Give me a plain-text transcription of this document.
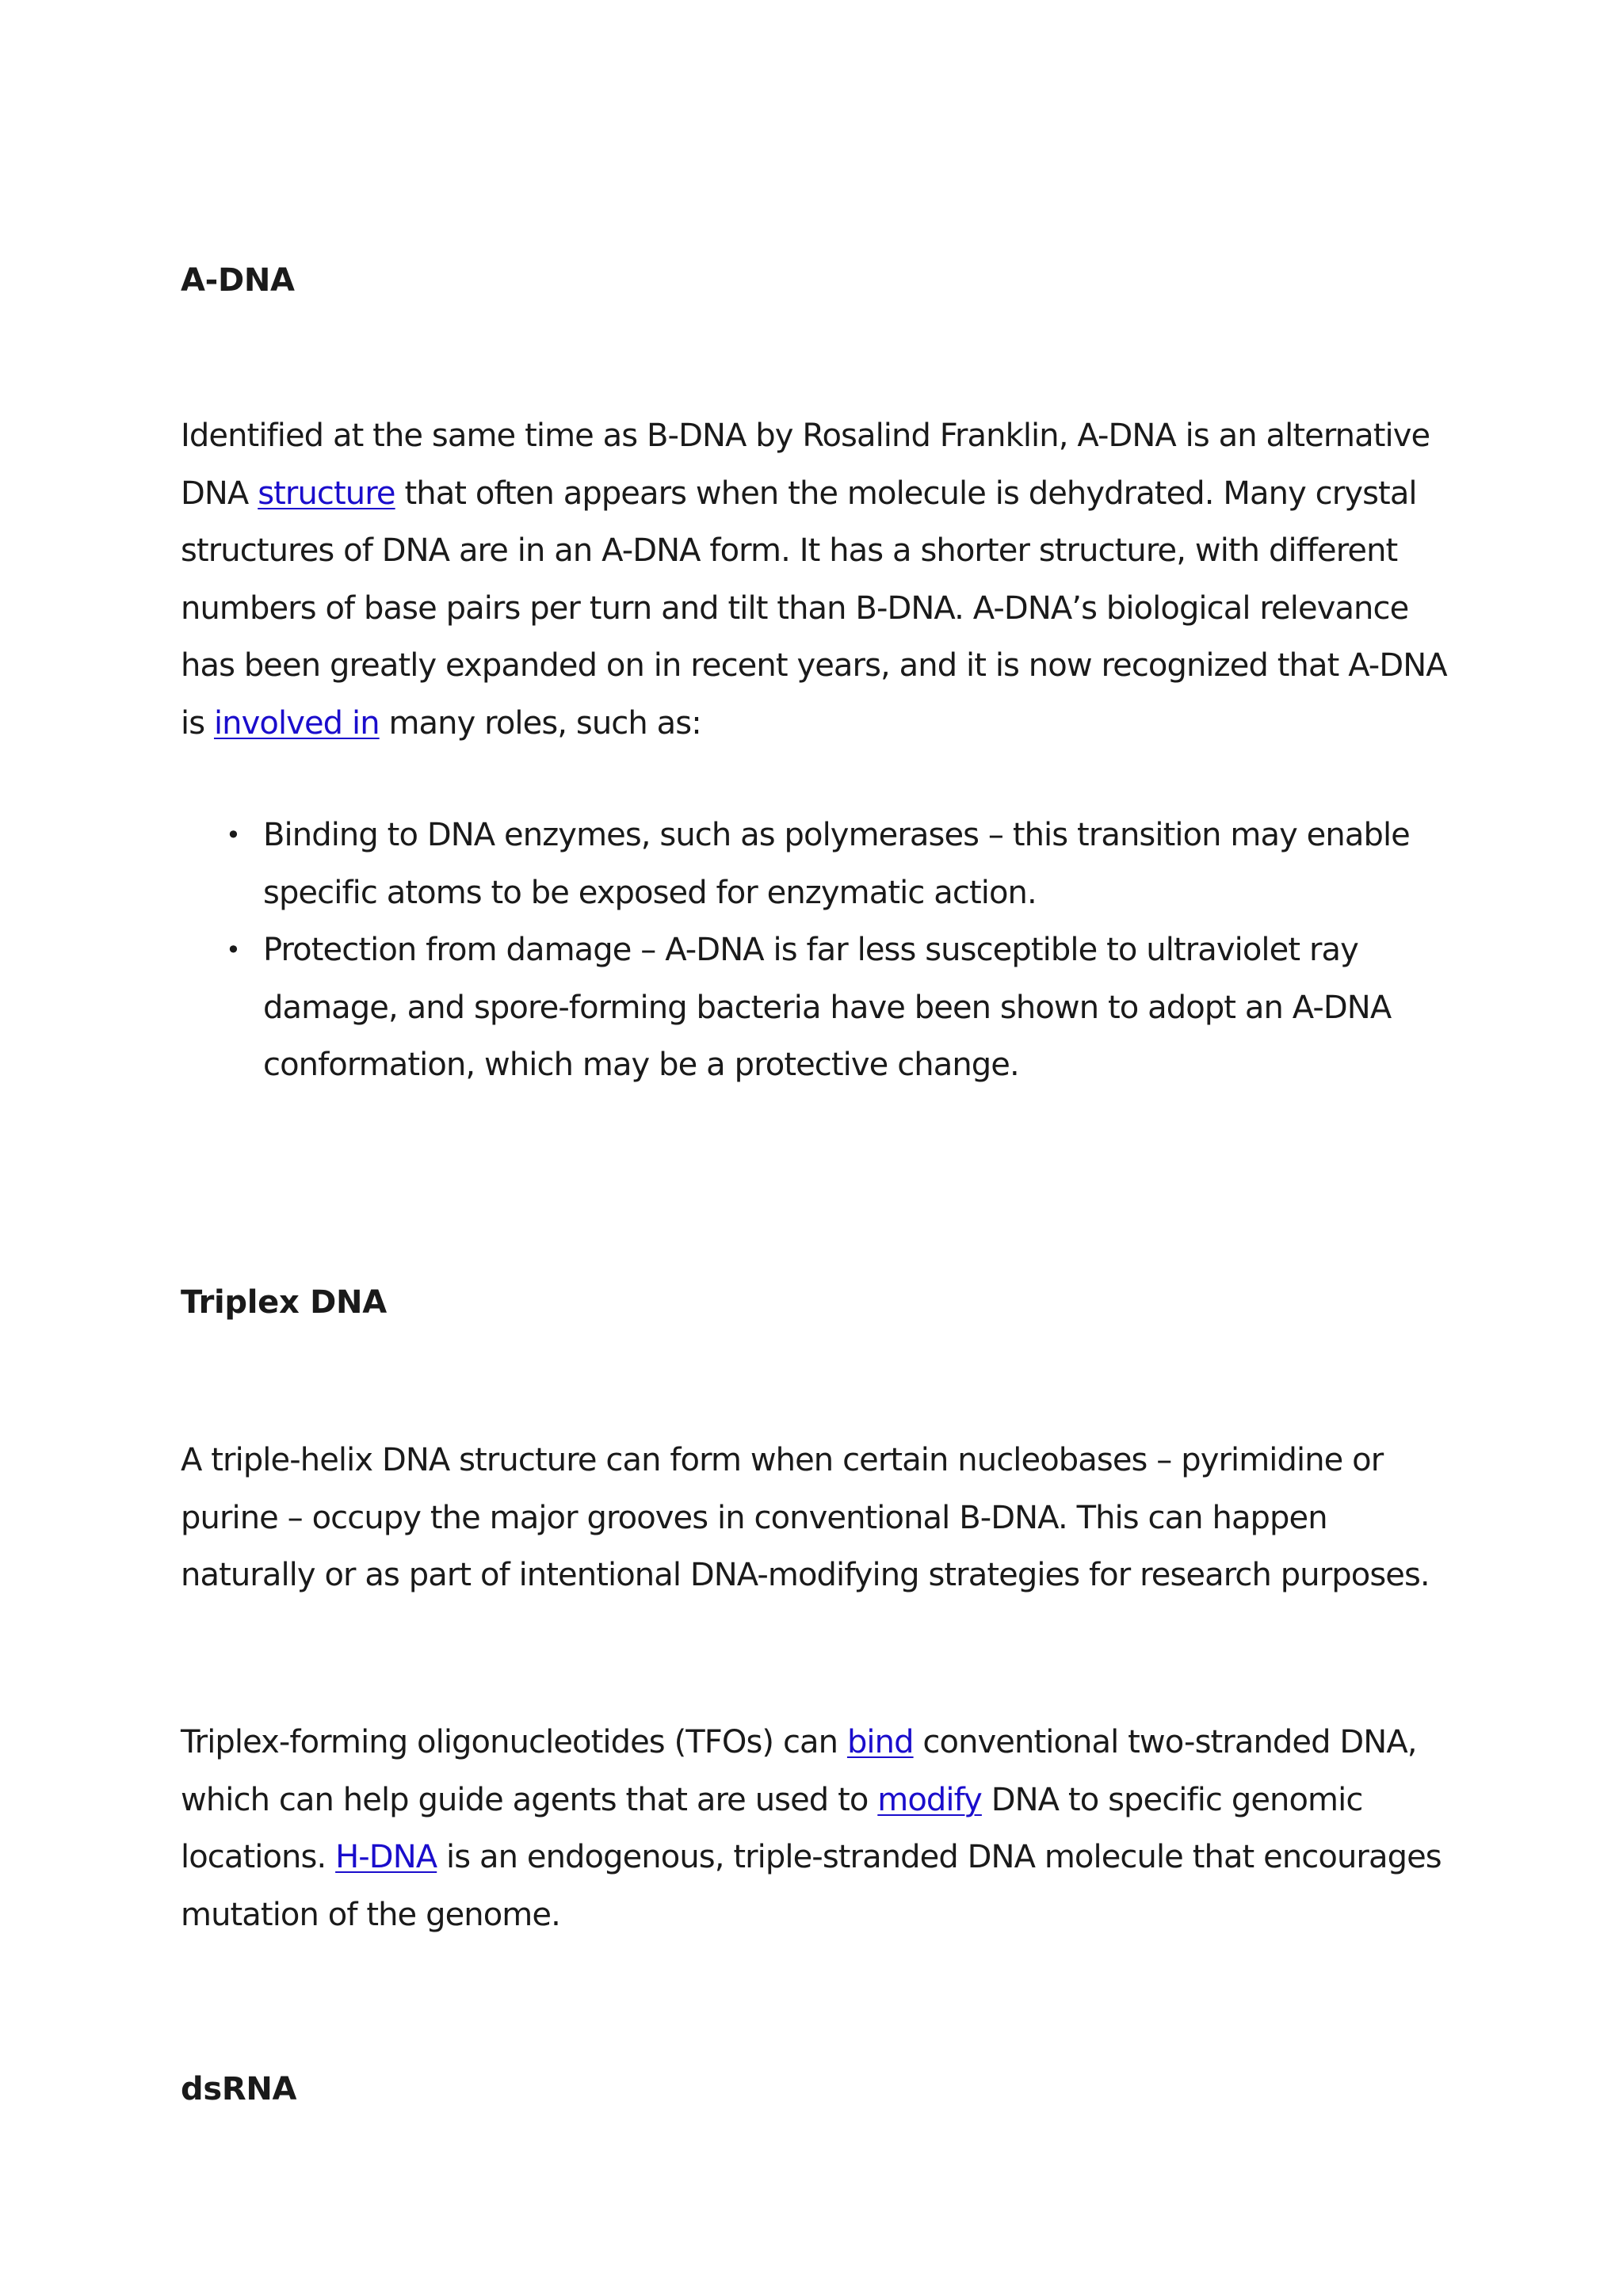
A-DNA

Identified at the same time as B-DNA by Rosalind Franklin, A-DNA is an alternative
DNA structure that often appears when the molecule is dehydrated. Many crystal
structures of DNA are in an A-DNA form. It has a shorter structure, with different
numbers of base pairs per turn and tilt than B-DNA. A-DNA’s biological relevance
has been greatly expanded on in recent years, and it is now recognized that A-DNA
is involved in many roles, such as:

• Binding to DNA enzymes, such as polymerases – this transition may enable
specific atoms to be exposed for enzymatic action.
• Protection from damage – A-DNA is far less susceptible to ultraviolet ray
damage, and spore-forming bacteria have been shown to adopt an A-DNA
conformation, which may be a protective change.
Triplex DNA

A triple-helix DNA structure can form when certain nucleobases – pyrimidine or
purine – occupy the major grooves in conventional B-DNA. This can happen
naturally or as part of intentional DNA-modifying strategies for research purposes.

Triplex-forming oligonucleotides (TFOs) can bind conventional two-stranded DNA,
which can help guide agents that are used to modify DNA to specific genomic
locations. H-DNA is an endogenous, triple-stranded DNA molecule that encourages
mutation of the genome.

dsRNA
